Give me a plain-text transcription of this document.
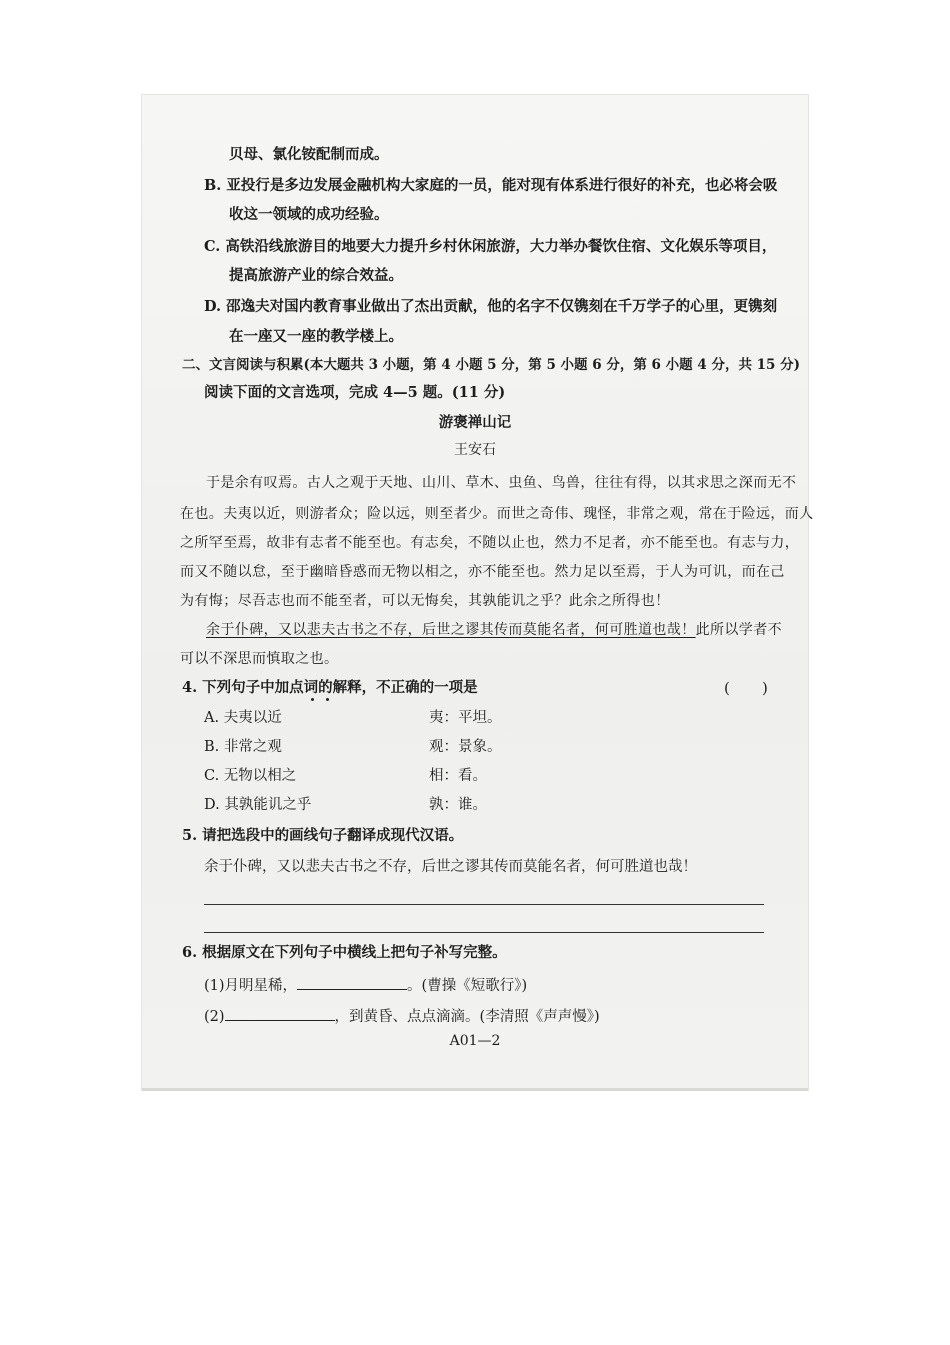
贝母、氯化铵配制而成。
B. 亚投行是多边发展金融机构大家庭的一员，能对现有体系进行很好的补充，也必将会吸
收这一领域的成功经验。
C. 高铁沿线旅游目的地要大力提升乡村休闲旅游，大力举办餐饮住宿、文化娱乐等项目，
提高旅游产业的综合效益。
D. 邵逸夫对国内教育事业做出了杰出贡献，他的名字不仅镌刻在千万学子的心里，更镌刻
在一座又一座的教学楼上。
二、文言阅读与积累(本大题共 3 小题，第 4 小题 5 分，第 5 小题 6 分，第 6 小题 4 分，共 15 分)
阅读下面的文言选项，完成 4—5 题。(11 分)
游褒禅山记
王安石
于是余有叹焉。古人之观于天地、山川、草木、虫鱼、鸟兽，往往有得，以其求思之深而无不
在也。夫夷以近，则游者众；险以远，则至者少。而世之奇伟、瑰怪，非常之观，常在于险远，而人
之所罕至焉，故非有志者不能至也。有志矣，不随以止也，然力不足者，亦不能至也。有志与力，
而又不随以怠，至于幽暗昏惑而无物以相之，亦不能至也。然力足以至焉，于人为可讥，而在己
为有悔；尽吾志也而不能至者，可以无悔矣，其孰能讥之乎？此余之所得也！
余于仆碑，又以悲夫古书之不存，后世之谬其传而莫能名者，何可胜道也哉！此所以学者不
可以不深思而慎取之也。
4. 下列句子中加点词的解释，不正确的一项是	( )
A. 夫夷以近	夷：平坦。
B. 非常之观	观：景象。
C. 无物以相之	相：看。
D. 其孰能讥之乎	孰：谁。
5. 请把选段中的画线句子翻译成现代汉语。
余于仆碑，又以悲夫古书之不存，后世之谬其传而莫能名者，何可胜道也哉！
6. 根据原文在下列句子中横线上把句子补写完整。
(1)月明星稀，	。(曹操《短歌行》)
(2)	，到黄昏、点点滴滴。(李清照《声声慢》)
A01—2
